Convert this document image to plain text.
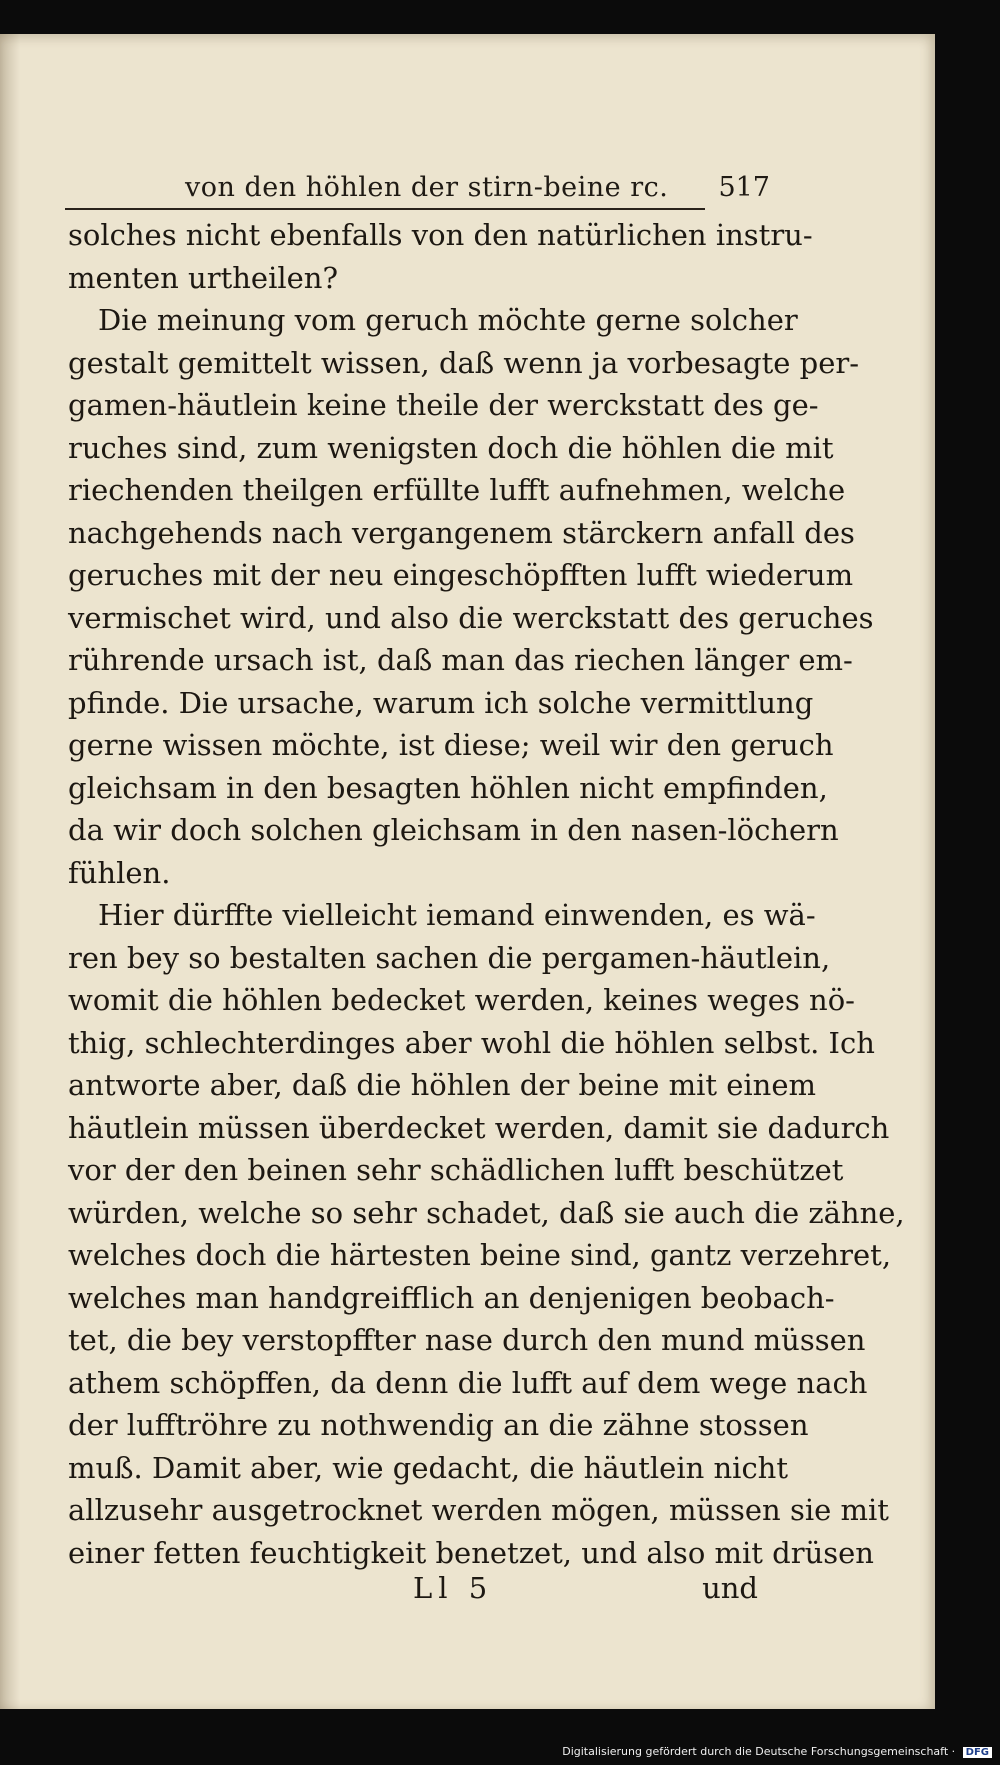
von den höhlen der stirn-beine rc. 517
solches nicht ebenfalls von den natürlichen instru-
menten urtheilen?
Die meinung vom geruch möchte gerne solcher
gestalt gemittelt wissen, daß wenn ja vorbesagte per-
gamen-häutlein keine theile der werckstatt des ge-
ruches sind, zum wenigsten doch die höhlen die mit
riechenden theilgen erfüllte lufft aufnehmen, welche
nachgehends nach vergangenem stärckern anfall des
geruches mit der neu eingeschöpfften lufft wiederum
vermischet wird, und also die werckstatt des geruches
rührende ursach ist, daß man das riechen länger em-
pfinde. Die ursache, warum ich solche vermittlung
gerne wissen möchte, ist diese; weil wir den geruch
gleichsam in den besagten höhlen nicht empfinden,
da wir doch solchen gleichsam in den nasen-löchern
fühlen.
Hier dürffte vielleicht iemand einwenden, es wä-
ren bey so bestalten sachen die pergamen-häutlein,
womit die höhlen bedecket werden, keines weges nö-
thig, schlechterdinges aber wohl die höhlen selbst. Ich
antworte aber, daß die höhlen der beine mit einem
häutlein müssen überdecket werden, damit sie dadurch
vor der den beinen sehr schädlichen lufft beschützet
würden, welche so sehr schadet, daß sie auch die zähne,
welches doch die härtesten beine sind, gantz verzehret,
welches man handgreifflich an denjenigen beobach-
tet, die bey verstopffter nase durch den mund müssen
athem schöpffen, da denn die lufft auf dem wege nach
der lufftröhre zu nothwendig an die zähne stossen
muß. Damit aber, wie gedacht, die häutlein nicht
allzusehr ausgetrocknet werden mögen, müssen sie mit
einer fetten feuchtigkeit benetzet, und also mit drüsen
Ll 5	und
Digitalisierung gefördert durch die Deutsche Forschungsgemeinschaft · DFG
